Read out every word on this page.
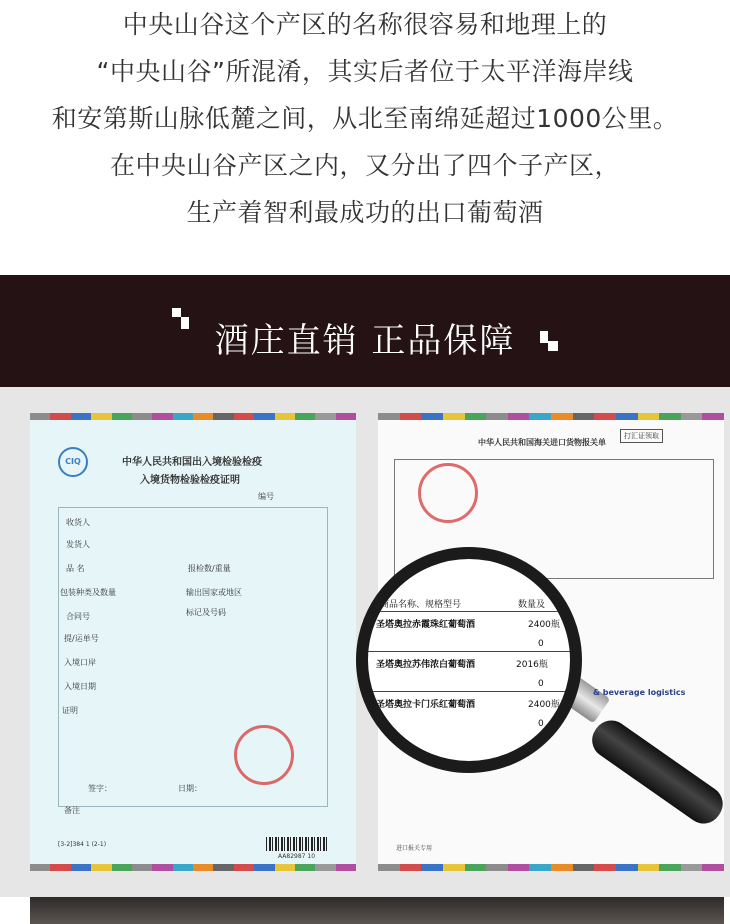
中央山谷这个产区的名称很容易和地理上的

“中央山谷”所混淆，其实后者位于太平洋海岸线

和安第斯山脉低麓之间，从北至南绵延超过1000公里。

在中央山谷产区之内，又分出了四个子产区，

生产着智利最成功的出口葡萄酒

酒庄直销 正品保障
CIQ	中华人民共和国出入境检验检疫
入境货物检验检疫证明
编号
收货人
发货人
品 名	报检数/重量
包装种类及数量	输出国家或地区
合同号	标记及号码
提/运单号
入境口岸
入境日期
证明
签字：	日期：
备注
[3-2]384 1 (2-1)
AA82987 10
中华人民共和国海关进口货物报关单
打汇证领取
进口报关专用
商品名称、规格型号	数量及
圣塔奥拉赤霞珠红葡萄酒	2400瓶
0
圣塔奥拉苏伟浓白葡萄酒	2016瓶
0
圣塔奥拉卡门乐红葡萄酒	2400瓶
0
& beverage logistics
